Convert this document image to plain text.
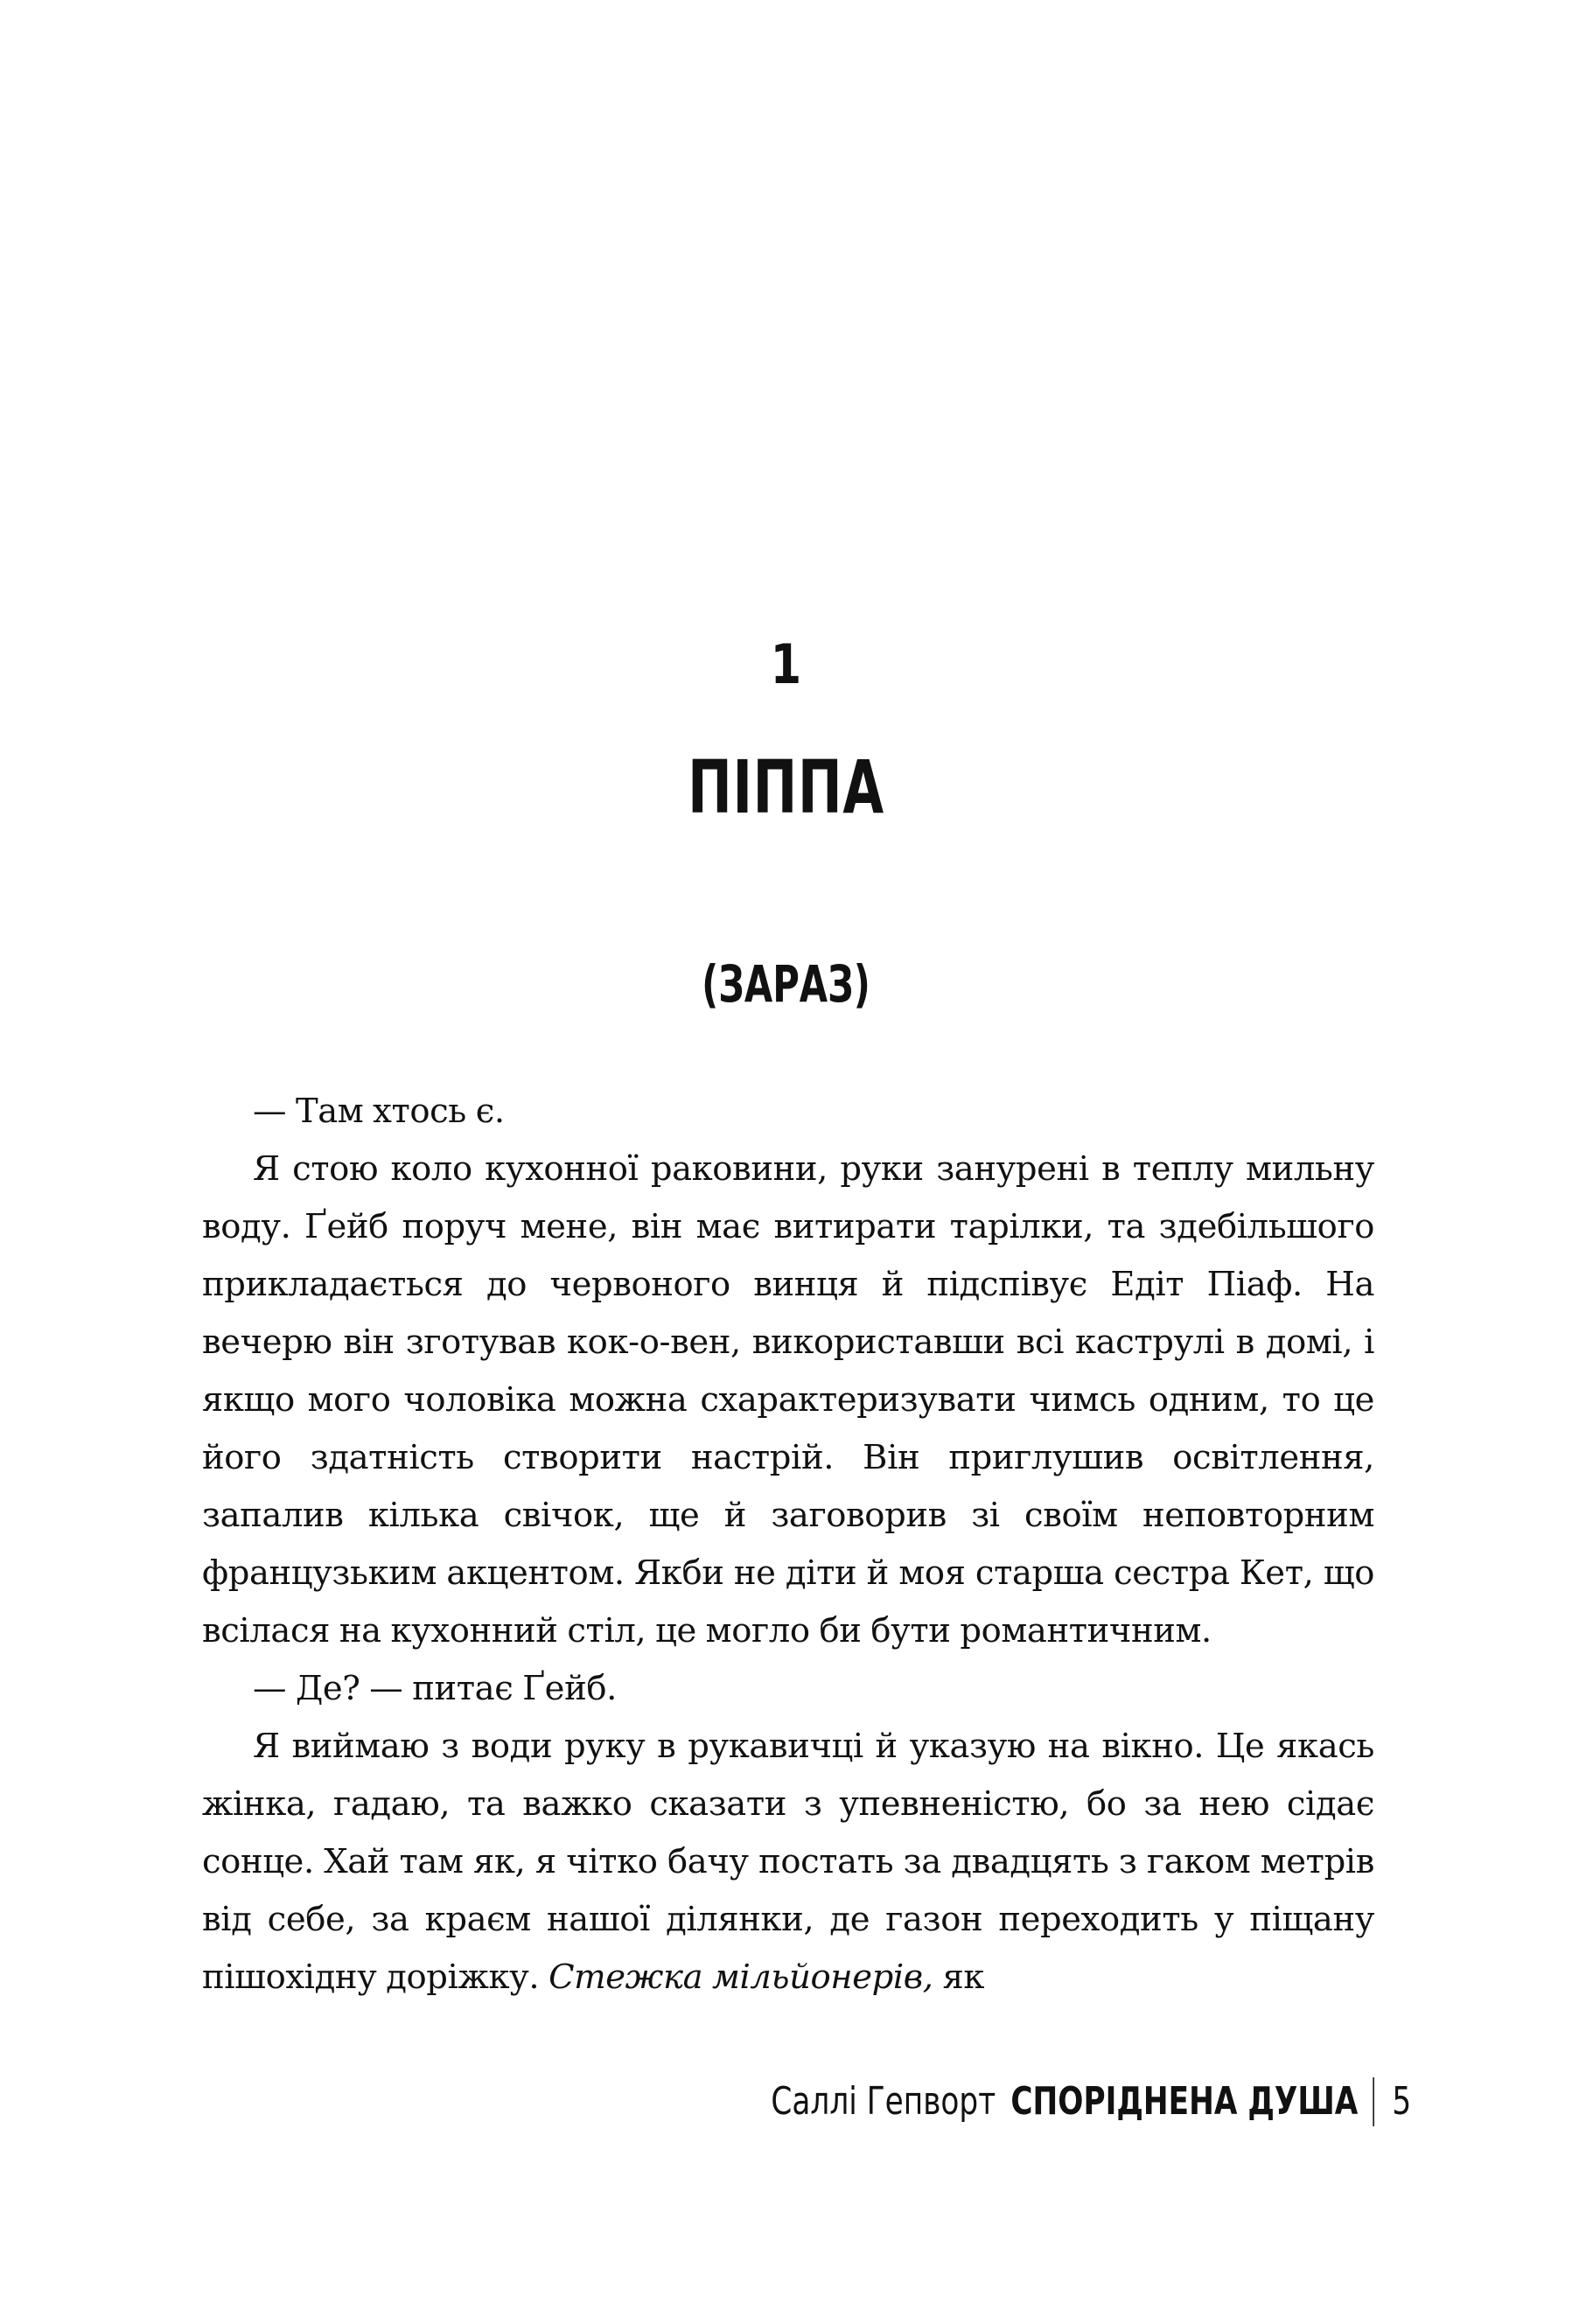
1
ПІППА
(ЗАРАЗ)

— Там хтось є.

Я стою коло кухонної раковини, руки занурені в теплу мильну воду. Ґейб поруч мене, він має витирати тарілки, та здебільшого прикладається до червоного винця й підспівує Едіт Піаф. На вечерю він зготував кок-о-вен, використавши всі каструлі в домі, і якщо мого чоловіка можна схарактеризувати чимсь одним, то це його здатність створити настрій. Він приглушив освітлення, запалив кілька свічок, ще й заговорив зі своїм неповторним французьким акцентом. Якби не діти й моя старша сестра Кет, що всілася на кухонний стіл, це могло би бути романтичним.

— Де? — питає Ґейб.

Я виймаю з води руку в рукавичці й указую на вікно. Це якась жінка, гадаю, та важко сказати з упевненістю, бо за нею сідає сонце. Хай там як, я чітко бачу постать за двадцять з гаком метрів від себе, за краєм нашої ділянки, де газон переходить у піщану пішохідну доріжку. Стежка мільйонерів, як

Саллі Гепворт СПОРІДНЕНА ДУША 5
